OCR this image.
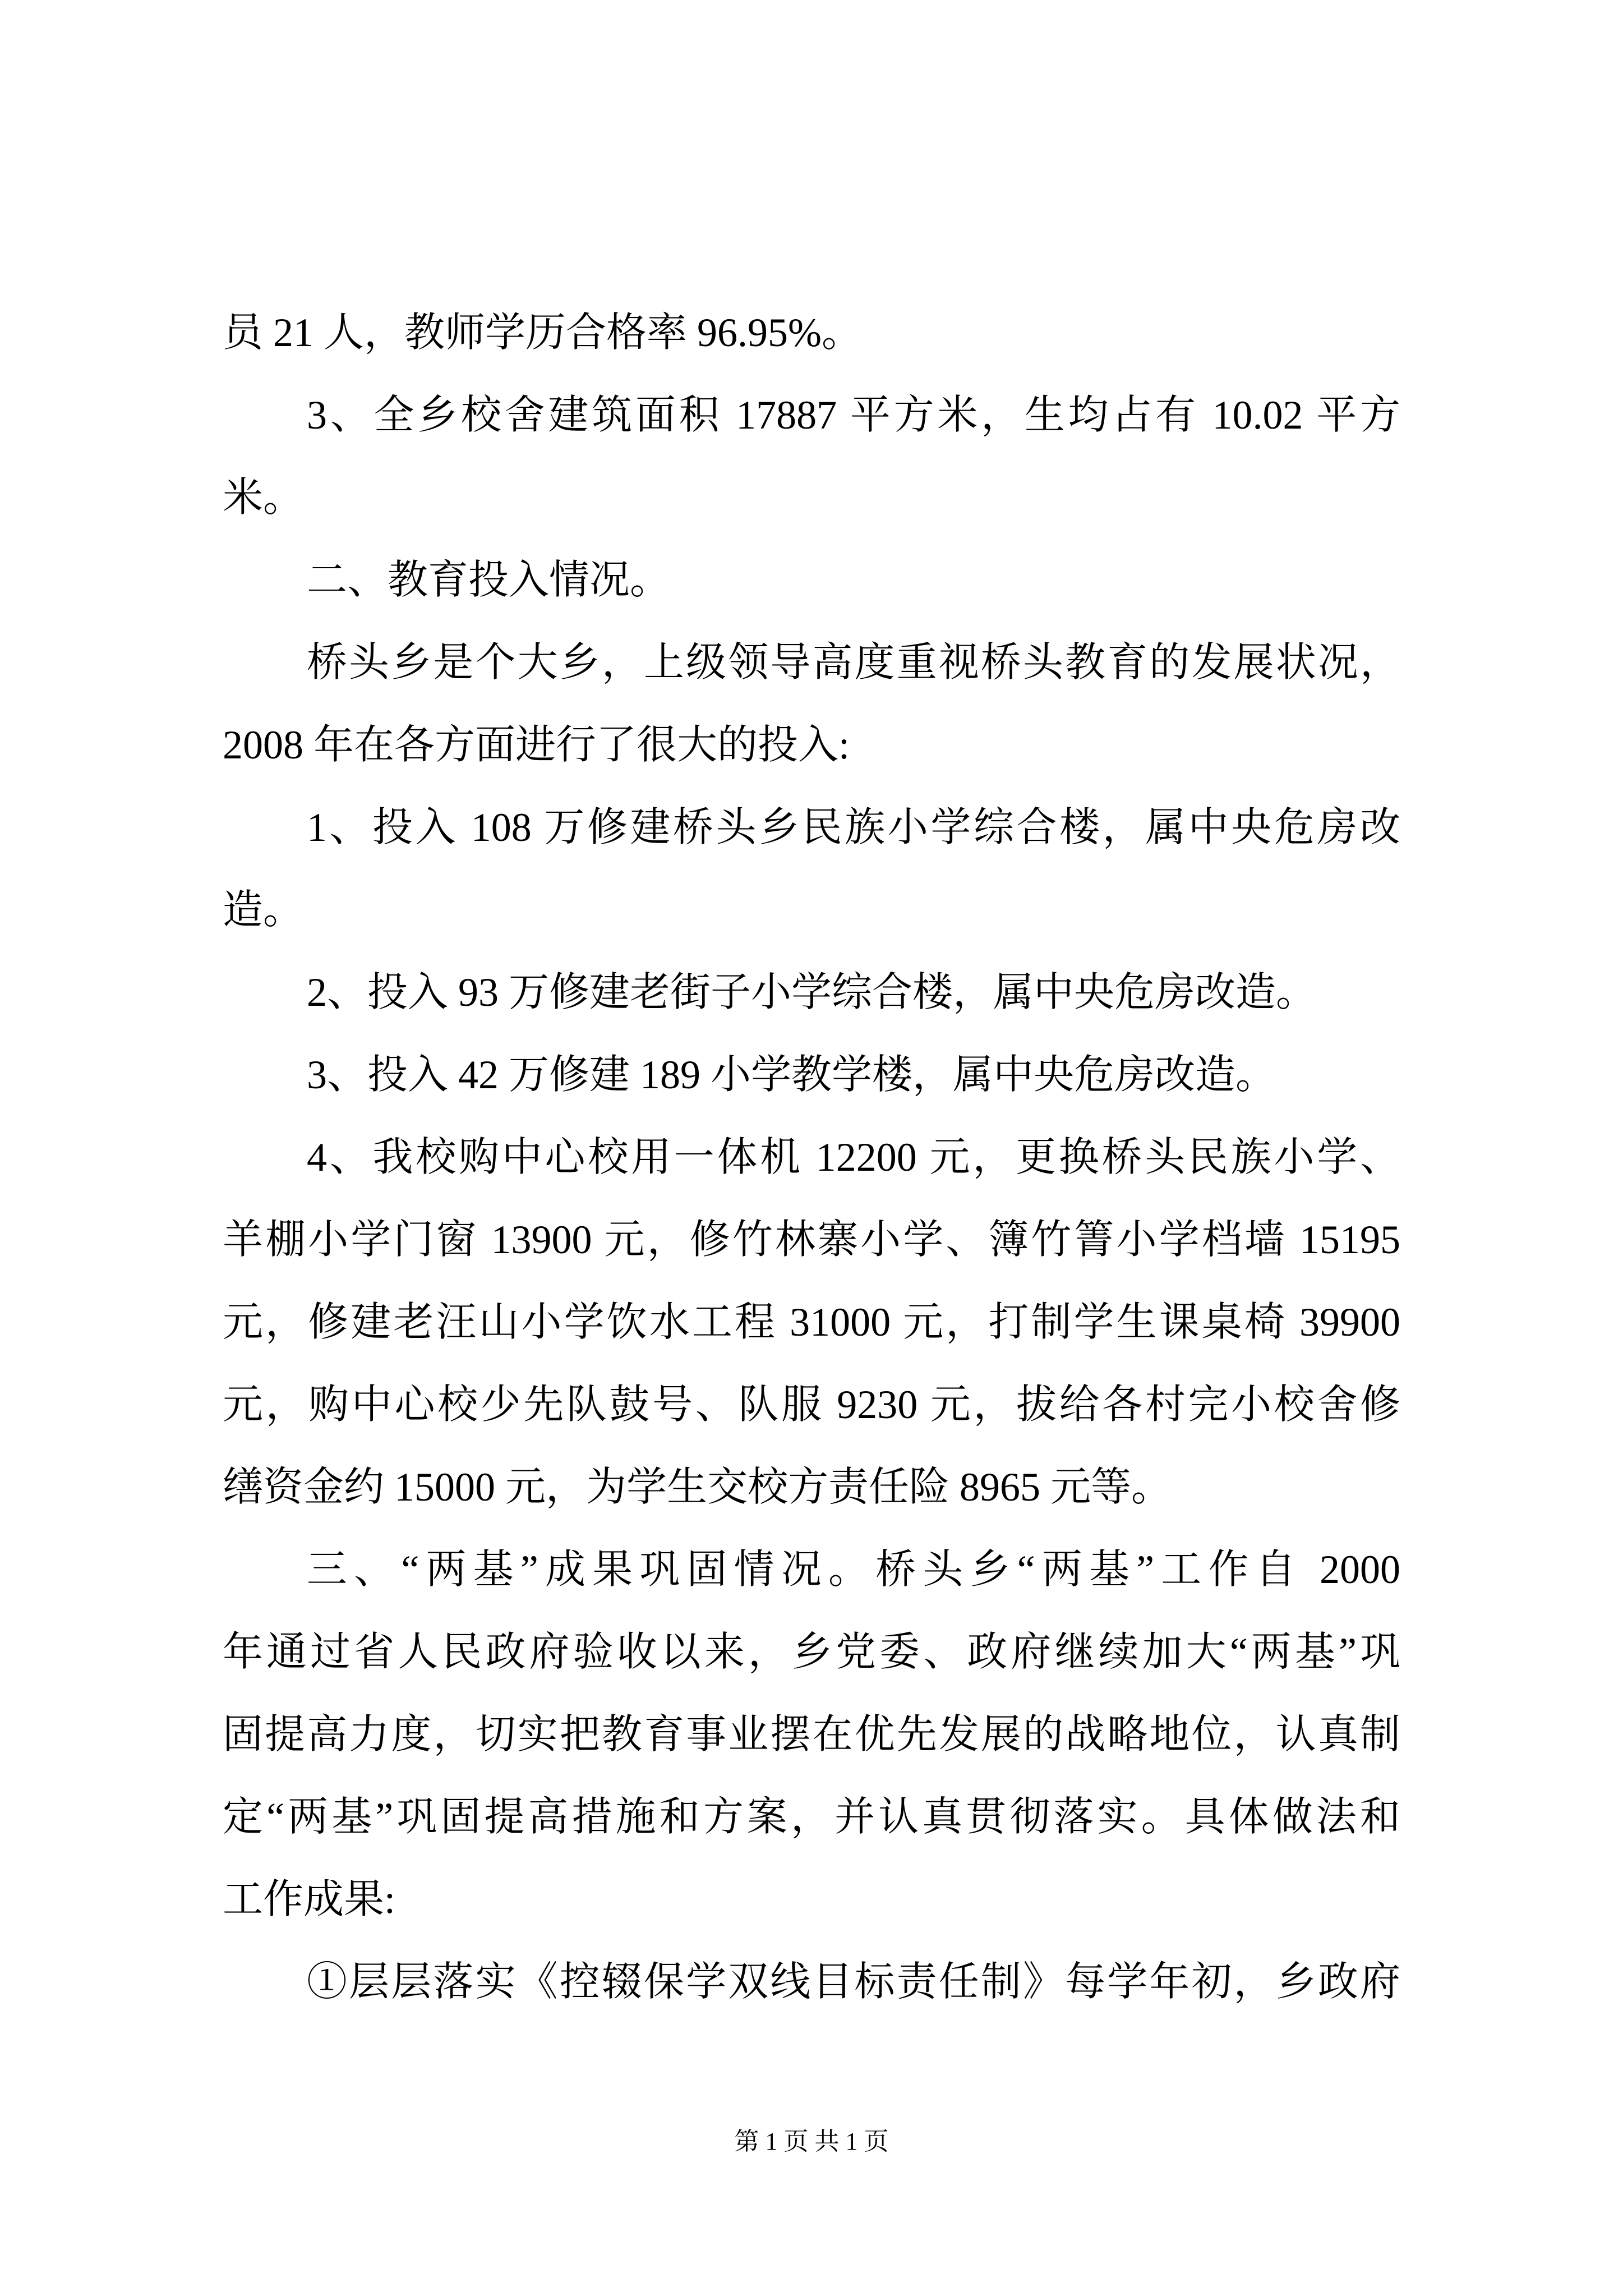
员 21 人，教师学历合格率 96.95%。
3、全乡校舍建筑面积 17887 平方米，生均占有 10.02 平方
米。
二、教育投入情况。
桥头乡是个大乡，上级领导高度重视桥头教育的发展状况，
2008 年在各方面进行了很大的投入:
1、投入 108 万修建桥头乡民族小学综合楼，属中央危房改
造。
2、投入 93 万修建老街子小学综合楼，属中央危房改造。
3、投入 42 万修建 189 小学教学楼，属中央危房改造。
4、我校购中心校用一体机 12200 元，更换桥头民族小学、
羊棚小学门窗 13900 元，修竹林寨小学、簿竹箐小学档墙 15195
元，修建老汪山小学饮水工程 31000 元，打制学生课桌椅 39900
元，购中心校少先队鼓号、队服 9230 元，拔给各村完小校舍修
缮资金约 15000 元，为学生交校方责任险 8965 元等。
三、“两基”成果巩固情况。桥头乡“两基”工作自 2000
年通过省人民政府验收以来，乡党委、政府继续加大“两基”巩
固提高力度，切实把教育事业摆在优先发展的战略地位，认真制
定“两基”巩固提高措施和方案，并认真贯彻落实。具体做法和
工作成果:
①层层落实《控辍保学双线目标责任制》每学年初，乡政府
第 1 页 共 1 页
